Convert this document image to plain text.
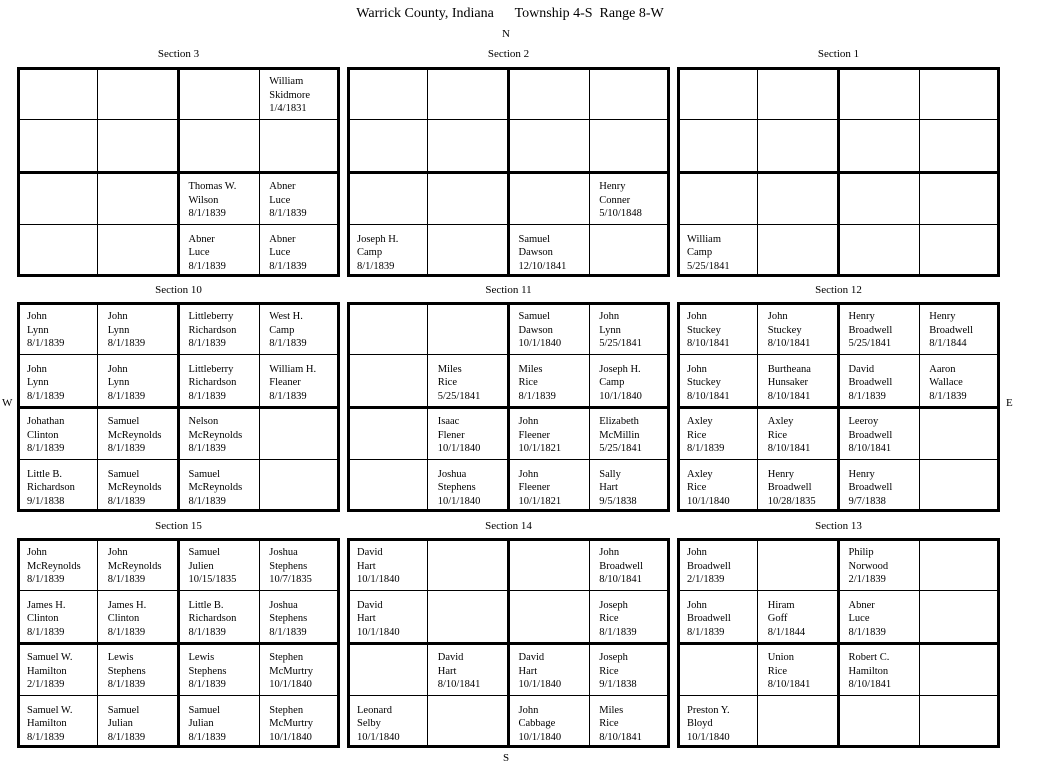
Warrick County, Indiana      Township 4-S  Range 8-W
N
S
W	E
Section 3
William
Skidmore
1/4/1831
Thomas W.
Wilson
8/1/1839
Abner
Luce
8/1/1839
Abner
Luce
8/1/1839
Abner
Luce
8/1/1839
Section 2
Henry
Conner
5/10/1848
Joseph H.
Camp
8/1/1839
Samuel
Dawson
12/10/1841
Section 1
William
Camp
5/25/1841
Section 10
John
Lynn
8/1/1839
John
Lynn
8/1/1839
Littleberry
Richardson
8/1/1839
West H.
Camp
8/1/1839
John
Lynn
8/1/1839
John
Lynn
8/1/1839
Littleberry
Richardson
8/1/1839
William H.
Fleaner
8/1/1839
Johathan
Clinton
8/1/1839
Samuel
McReynolds
8/1/1839
Nelson
McReynolds
8/1/1839
Little B.
Richardson
9/1/1838
Samuel
McReynolds
8/1/1839
Samuel
McReynolds
8/1/1839
Section 11
Samuel
Dawson
10/1/1840
John
Lynn
5/25/1841
Miles
Rice
5/25/1841
Miles
Rice
8/1/1839
Joseph H.
Camp
10/1/1840
Isaac
Flener
10/1/1840
John
Fleener
10/1/1821
Elizabeth
McMillin
5/25/1841
Joshua
Stephens
10/1/1840
John
Fleener
10/1/1821
Sally
Hart
9/5/1838
Section 12
John
Stuckey
8/10/1841
John
Stuckey
8/10/1841
Henry
Broadwell
5/25/1841
Henry
Broadwell
8/1/1844
John
Stuckey
8/10/1841
Burtheana
Hunsaker
8/10/1841
David
Broadwell
8/1/1839
Aaron
Wallace
8/1/1839
Axley
Rice
8/1/1839
Axley
Rice
8/10/1841
Leeroy
Broadwell
8/10/1841
Axley
Rice
10/1/1840
Henry
Broadwell
10/28/1835
Henry
Broadwell
9/7/1838
Section 15
John
McReynolds
8/1/1839
John
McReynolds
8/1/1839
Samuel
Julien
10/15/1835
Joshua
Stephens
10/7/1835
James H.
Clinton
8/1/1839
James H.
Clinton
8/1/1839
Little B.
Richardson
8/1/1839
Joshua
Stephens
8/1/1839
Samuel W.
Hamilton
2/1/1839
Lewis
Stephens
8/1/1839
Lewis
Stephens
8/1/1839
Stephen
McMurtry
10/1/1840
Samuel W.
Hamilton
8/1/1839
Samuel
Julian
8/1/1839
Samuel
Julian
8/1/1839
Stephen
McMurtry
10/1/1840
Section 14
David
Hart
10/1/1840
John
Broadwell
8/10/1841
David
Hart
10/1/1840
Joseph
Rice
8/1/1839
David
Hart
8/10/1841
David
Hart
10/1/1840
Joseph
Rice
9/1/1838
Leonard
Selby
10/1/1840
John
Cabbage
10/1/1840
Miles
Rice
8/10/1841
Section 13
John
Broadwell
2/1/1839
Philip
Norwood
2/1/1839
John
Broadwell
8/1/1839
Hiram
Goff
8/1/1844
Abner
Luce
8/1/1839
Union
Rice
8/10/1841
Robert C.
Hamilton
8/10/1841
Preston Y.
Bloyd
10/1/1840
